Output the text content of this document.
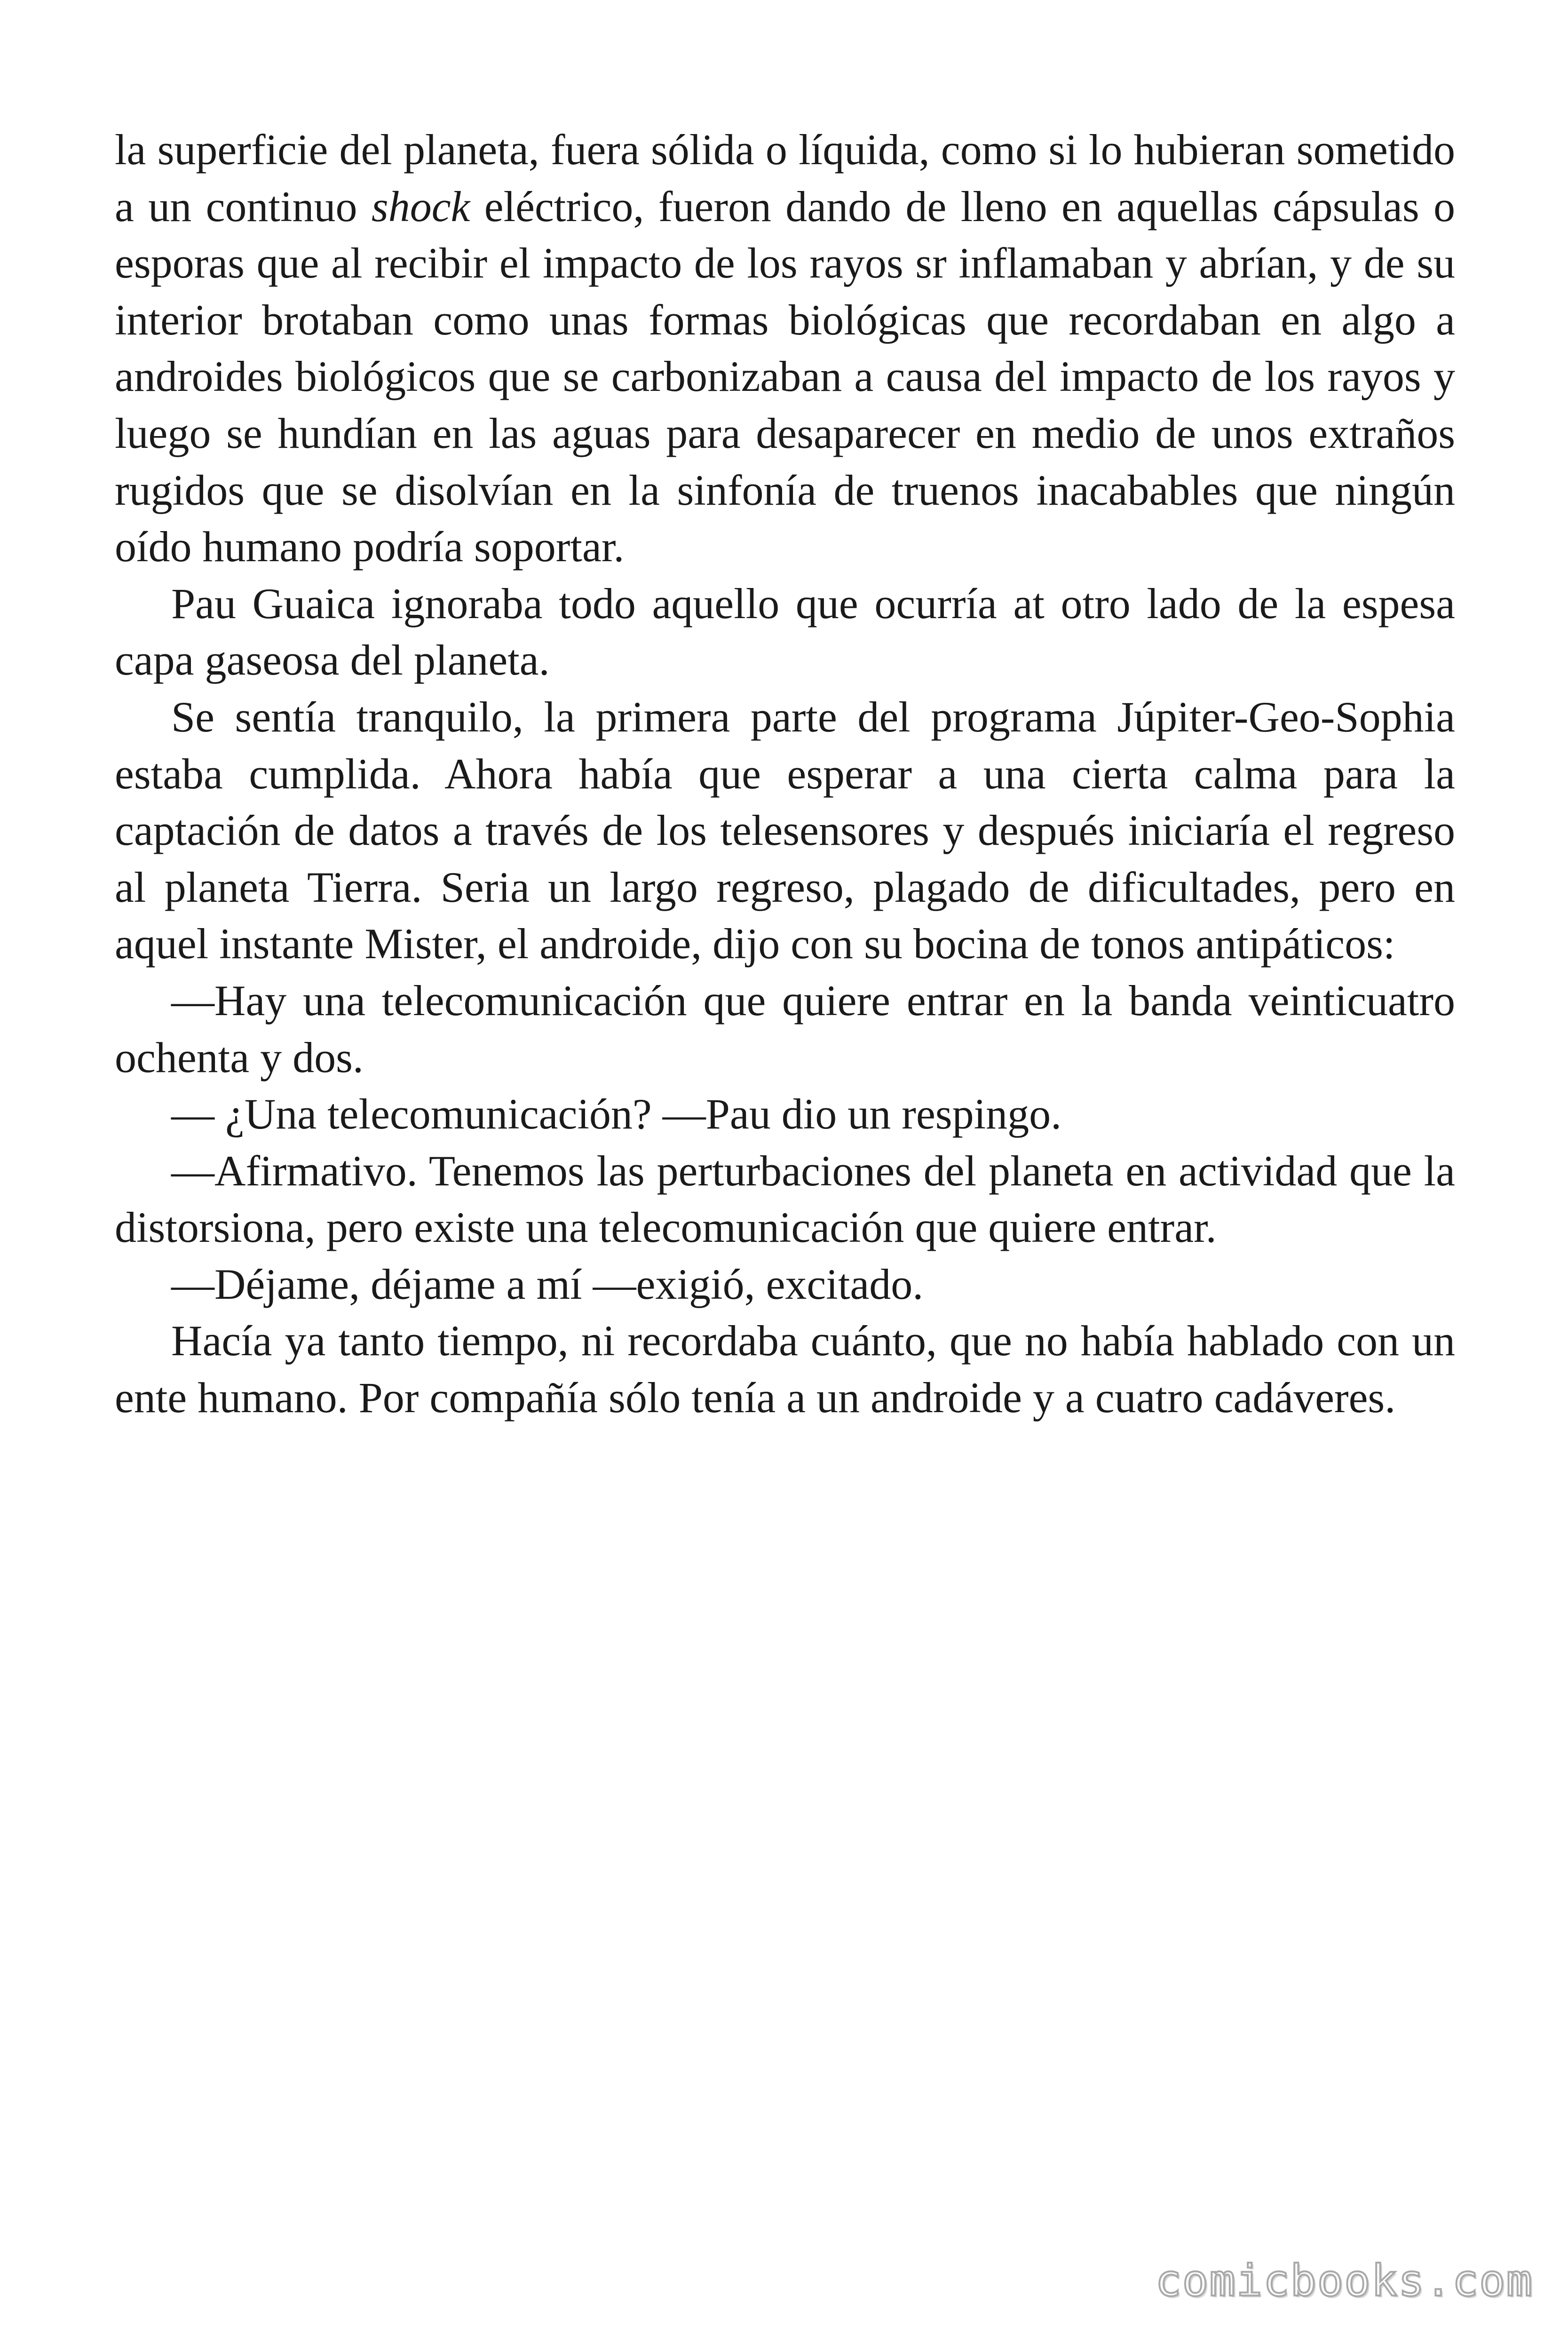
la superficie del planeta, fuera sólida o líquida, como si lo hubieran sometido a un continuo shock eléctrico, fueron dando de lleno en aquellas cápsulas o esporas que al recibir el impacto de los rayos sr inflamaban y abrían, y de su interior brotaban como unas formas biológicas que recordaban en algo a androides biológicos que se carbonizaban a causa del impacto de los rayos y luego se hundían en las aguas para desaparecer en medio de unos extraños rugidos que se disolvían en la sinfonía de truenos inacabables que ningún oído humano podría soportar.

Pau Guaica ignoraba todo aquello que ocurría at otro lado de la espesa capa gaseosa del planeta.

Se sentía tranquilo, la primera parte del programa Júpiter-Geo-Sophia estaba cumplida. Ahora había que esperar a una cierta calma para la captación de datos a través de los telesensores y después iniciaría el regreso al planeta Tierra. Seria un largo regreso, plagado de dificultades, pero en aquel instante Mister, el androide, dijo con su bocina de tonos antipáticos:

—Hay una telecomunicación que quiere entrar en la banda veinticuatro ochenta y dos.

— ¿Una telecomunicación? —Pau dio un respingo.

—Afirmativo. Tenemos las perturbaciones del planeta en actividad que la distorsiona, pero existe una telecomunicación que quiere entrar.

—Déjame, déjame a mí —exigió, excitado.

Hacía ya tanto tiempo, ni recordaba cuánto, que no había hablado con un ente humano. Por compañía sólo tenía a un androide y a cuatro cadáveres.

comicbooks.com
